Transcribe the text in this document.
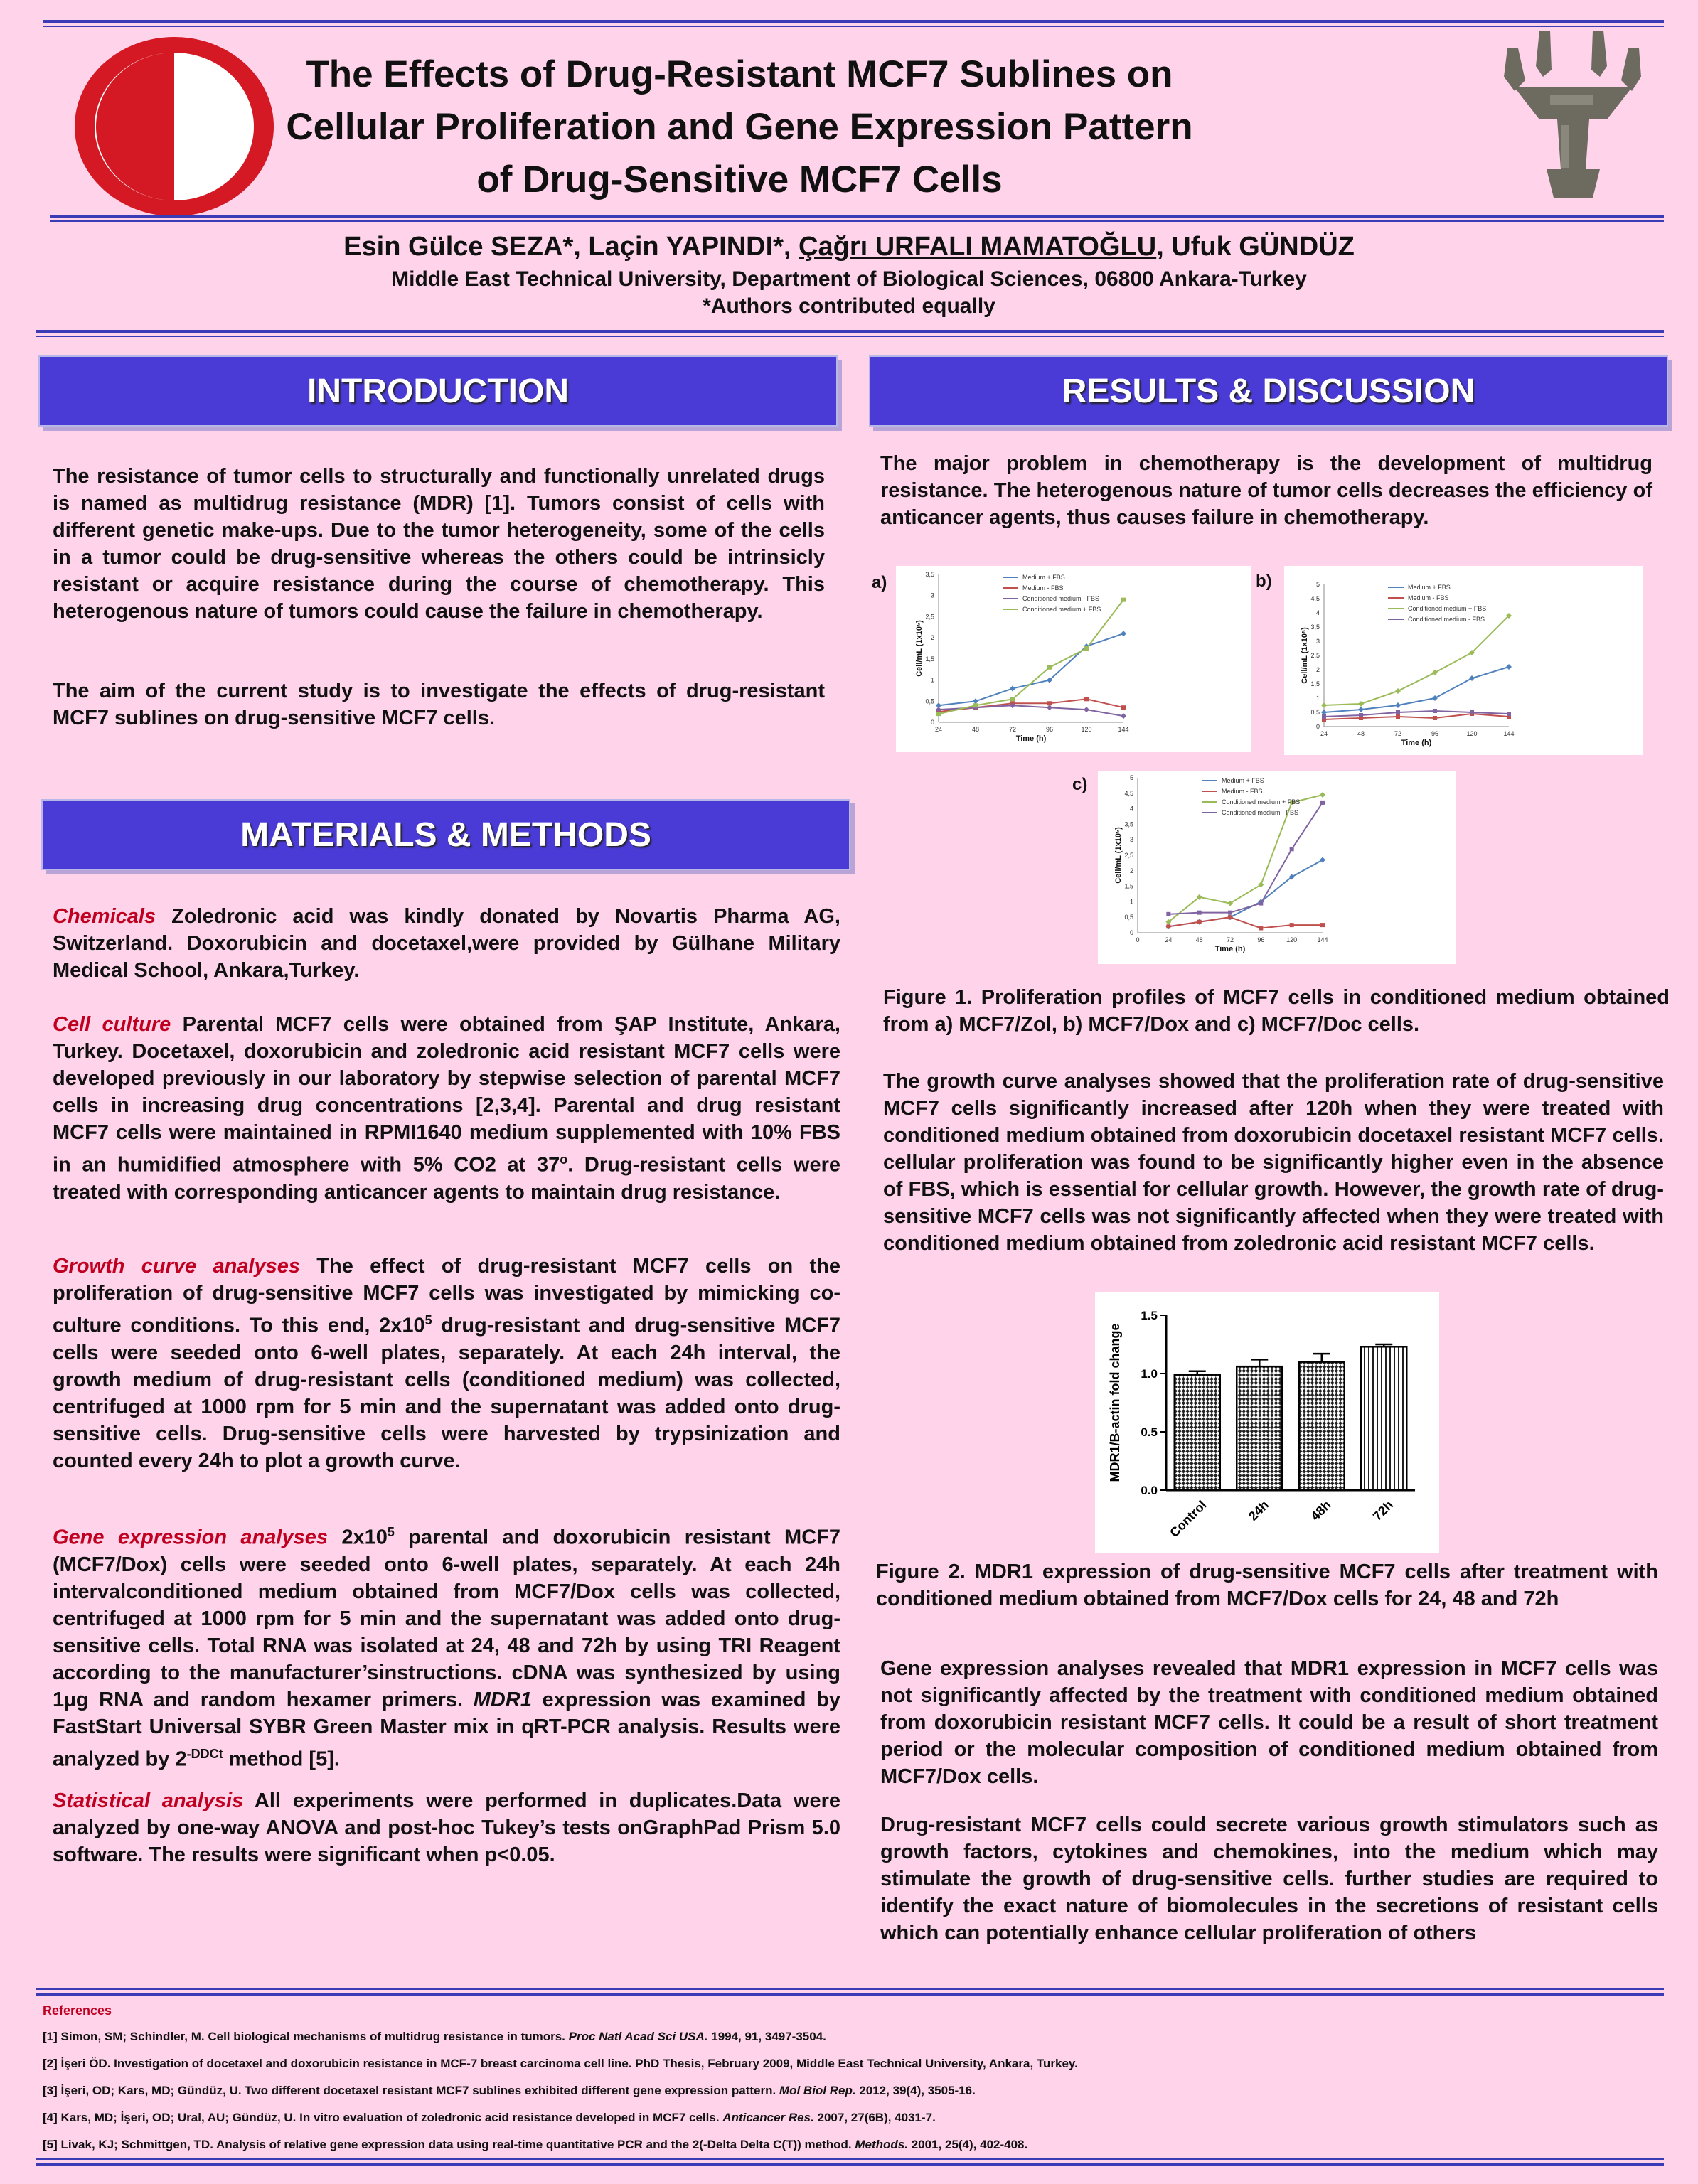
The Effects of Drug-Resistant MCF7 Sublines on Cellular Proliferation and Gene Expression Pattern of Drug-Sensitive MCF7 Cells
Esin Gülce SEZA*, Laçin YAPINDI*, Çağrı URFALI MAMATOĞLU, Ufuk GÜNDÜZ
Middle East Technical University, Department of Biological Sciences, 06800 Ankara-Turkey
*Authors contributed equally
INTRODUCTION
The resistance of tumor cells to structurally and functionally unrelated drugs is named as multidrug resistance (MDR) [1]. Tumors consist of cells with different genetic make-ups. Due to the tumor heterogeneity, some of the cells in a tumor could be drug-sensitive whereas the others could be intrinsicly resistant or acquire resistance during the course of chemotherapy. This heterogenous nature of tumors could cause the failure in chemotherapy.
The aim of the current study is to investigate the effects of drug-resistant MCF7 sublines on drug-sensitive MCF7 cells.
MATERIALS & METHODS
Chemicals Zoledronic acid was kindly donated by Novartis Pharma AG, Switzerland. Doxorubicin and docetaxel,were provided by Gülhane Military Medical School, Ankara,Turkey.
Cell culture Parental MCF7 cells were obtained from ŞAP Institute, Ankara, Turkey. Docetaxel, doxorubicin and zoledronic acid resistant MCF7 cells were developed previously in our laboratory by stepwise selection of parental MCF7 cells in increasing drug concentrations [2,3,4]. Parental and drug resistant MCF7 cells were maintained in RPMI1640 medium supplemented with 10% FBS in an humidified atmosphere with 5% CO2 at 37$^o$. Drug-resistant cells were treated with corresponding anticancer agents to maintain drug resistance.
Growth curve analyses The effect of drug-resistant MCF7 cells on the proliferation of drug-sensitive MCF7 cells was investigated by mimicking co-culture conditions. To this end, $2x10^5$ drug-resistant and drug-sensitive MCF7 cells were seeded onto 6-well plates, separately. At each 24h interval, the growth medium of drug-resistant cells (conditioned medium) was collected, centrifuged at 1000 rpm for 5 min and the supernatant was added onto drug-sensitive cells. Drug-sensitive cells were harvested by trypsinization and counted every 24h to plot a growth curve.
Gene expression analyses $2x10^5$ parental and doxorubicin resistant MCF7 (MCF7/Dox) cells were seeded onto 6-well plates, separately. At each 24h intervalconditioned medium obtained from MCF7/Dox cells was collected, centrifuged at 1000 rpm for 5 min and the supernatant was added onto drug-sensitive cells. Total RNA was isolated at 24, 48 and 72h by using TRI Reagent according to the manufacturer’sinstructions. cDNA was synthesized by using 1µg RNA and random hexamer primers. MDR1 expression was examined by FastStart Universal SYBR Green Master mix in qRT-PCR analysis. Results were analyzed by $2^{-DDCt}$ method [5].
Statistical analysis All experiments were performed in duplicates.Data were analyzed by one-way ANOVA and post-hoc Tukey’s tests onGraphPad Prism 5.0 software. The results were significant when p<0.05.
RESULTS & DISCUSSION
The major problem in chemotherapy is the development of multidrug resistance. The heterogenous nature of tumor cells decreases the efficiency of anticancer agents, thus causes failure in chemotherapy.
a)
0
0,5
1
1,5
2
2,5
3
3,5
24	48	72	96	120	144
Time (h)
Cell/mL (1x10⁵)
Medium + FBS
Medium - FBS
Conditioned medium - FBS
Conditioned medium + FBS
b)
0
0,5
1
1,5
2
2,5
3
3,5
4
4,5
5
24	48	72	96	120	144
Time (h)
Cell/mL (1x10⁵)
Medium + FBS
Medium - FBS
Conditioned medium + FBS
Conditioned medium - FBS
c)
0
0,5
1
1,5
2
2,5
3
3,5
4
4,5
5
0	24	48	72	96	120	144
Time (h)
Cell/mL (1x10⁵)
Medium + FBS
Medium - FBS
Conditioned medium + FBS
Conditioned medium - FBS
Figure 1. Proliferation profiles of MCF7 cells in conditioned medium obtained from a) MCF7/Zol, b) MCF7/Dox and c) MCF7/Doc cells.
The growth curve analyses showed that the proliferation rate of drug-sensitive MCF7 cells significantly increased after 120h when they were treated with conditioned medium obtained from doxorubicin docetaxel resistant MCF7 cells. cellular proliferation was found to be significantly higher even in the absence of FBS, which is essential for cellular growth. However, the growth rate of drug-sensitive MCF7 cells was not significantly affected when they were treated with conditioned medium obtained from zoledronic acid resistant MCF7 cells.
0.0
0.5
1.0
1.5
MDR1/B-actin fold change
Control	24h	48h	72h
Figure 2. MDR1 expression of drug-sensitive MCF7 cells after treatment with conditioned medium obtained from MCF7/Dox cells for 24, 48 and 72h
Gene expression analyses revealed that MDR1 expression in MCF7 cells was not significantly affected by the treatment with conditioned medium obtained from doxorubicin resistant MCF7 cells. It could be a result of short treatment period or the molecular composition of conditioned medium obtained from MCF7/Dox cells.
Drug-resistant MCF7 cells could secrete various growth stimulators such as growth factors, cytokines and chemokines, into the medium which may stimulate the growth of drug-sensitive cells. further studies are required to identify the exact nature of biomolecules in the secretions of resistant cells which can potentially enhance cellular proliferation of others
References
[1] Simon, SM; Schindler, M. Cell biological mechanisms of multidrug resistance in tumors. Proc Natl Acad Sci USA. 1994, 91, 3497-3504.
[2] İşeri ÖD. Investigation of docetaxel and doxorubicin resistance in MCF-7 breast carcinoma cell line. PhD Thesis, February 2009, Middle East Technical University, Ankara, Turkey.
[3] İşeri, OD; Kars, MD; Gündüz, U. Two different docetaxel resistant MCF7 sublines exhibited different gene expression pattern. Mol Biol Rep. 2012, 39(4), 3505-16.
[4] Kars, MD; İşeri, OD; Ural, AU; Gündüz, U. In vitro evaluation of zoledronic acid resistance developed in MCF7 cells. Anticancer Res. 2007, 27(6B), 4031-7.
[5] Livak, KJ; Schmittgen, TD. Analysis of relative gene expression data using real-time quantitative PCR and the 2(-Delta Delta C(T)) method. Methods. 2001, 25(4), 402-408.
